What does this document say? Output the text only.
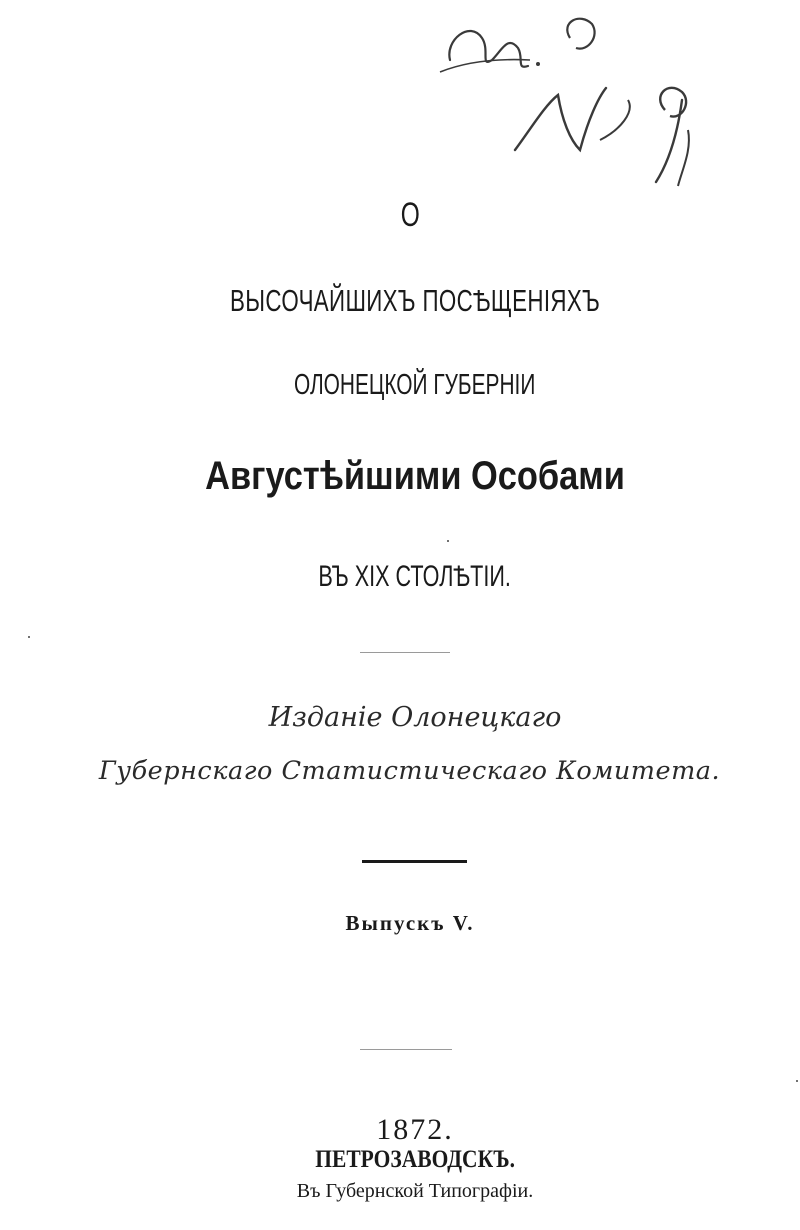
О
ВЫСОЧАЙШИХЪ ПОСѢЩЕНІЯХЪ
ОЛОНЕЦКОЙ ГУБЕРНІИ
Августѣйшими Особами
ВЪ XIX СТОЛѢТІИ.
Изданіе Олонецкаго
Губернскаго Статистическаго Комитета.
Выпускъ V.
1872.
ПЕТРОЗАВОДСКЪ.
Въ Губернской Типографіи.
